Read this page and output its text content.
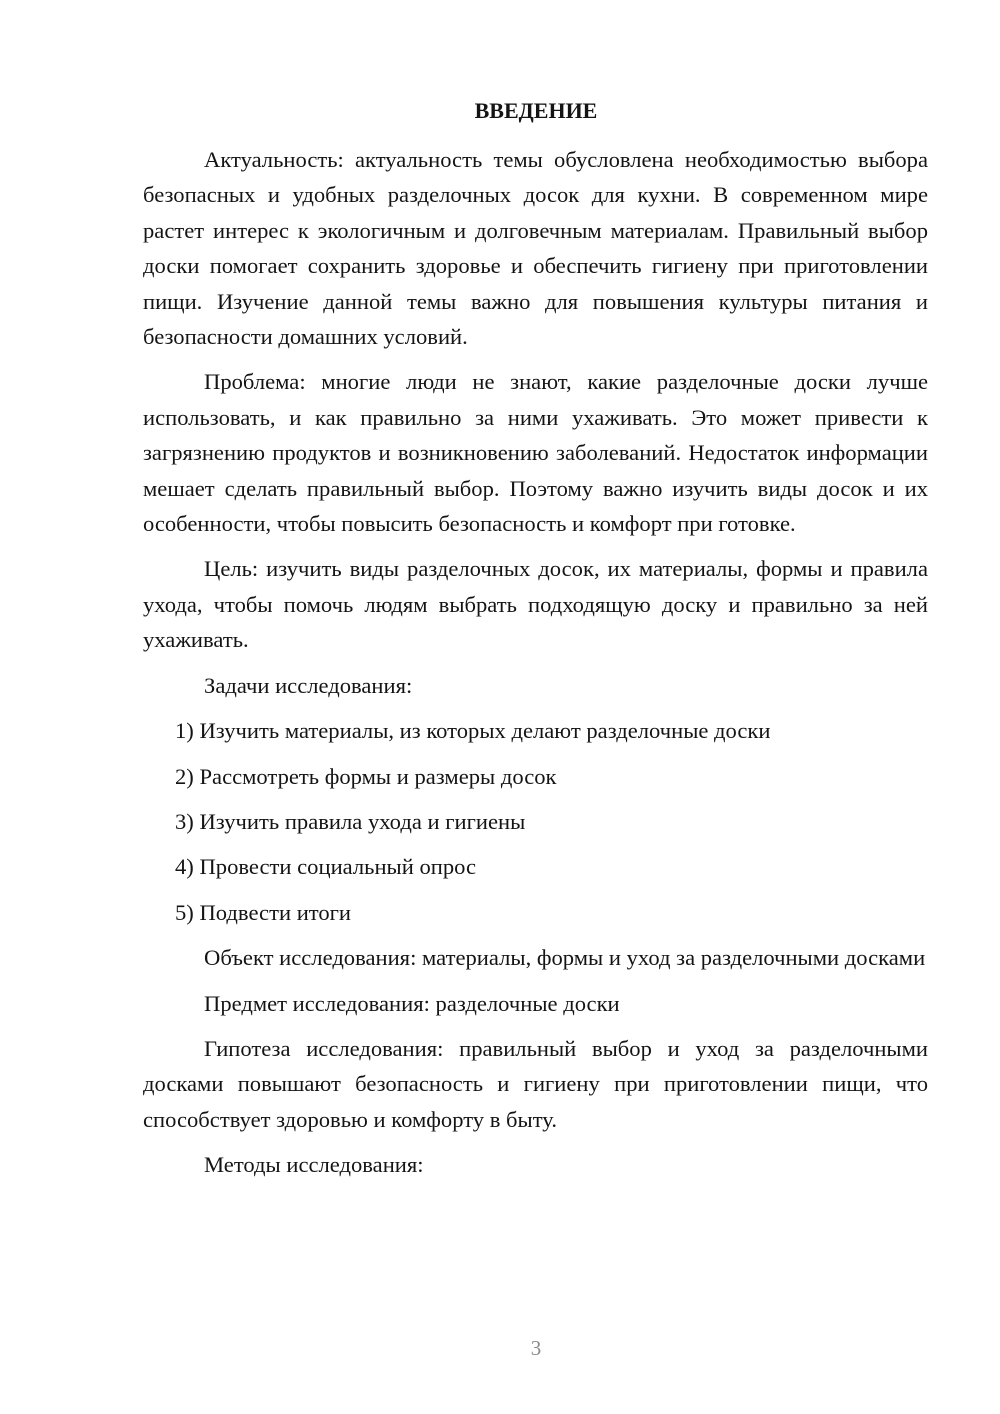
ВВЕДЕНИЕ

Актуальность: актуальность темы обусловлена необходимостью выбора безопасных и удобных разделочных досок для кухни. В современном мире растет интерес к экологичным и долговечным материалам. Правильный выбор доски помогает сохранить здоровье и обеспечить гигиену при приготовлении пищи. Изучение данной темы важно для повышения культуры питания и безопасности домашних условий.

Проблема: многие люди не знают, какие разделочные доски лучше использовать, и как правильно за ними ухаживать. Это может привести к загрязнению продуктов и возникновению заболеваний. Недостаток информации мешает сделать правильный выбор. Поэтому важно изучить виды досок и их особенности, чтобы повысить безопасность и комфорт при готовке.

Цель: изучить виды разделочных досок, их материалы, формы и правила ухода, чтобы помочь людям выбрать подходящую доску и правильно за ней ухаживать.

Задачи исследования:

1) Изучить материалы, из которых делают разделочные доски

2) Рассмотреть формы и размеры досок

3) Изучить правила ухода и гигиены

4) Провести социальный опрос

5) Подвести итоги

Объект исследования: материалы, формы и уход за разделочными досками

Предмет исследования: разделочные доски

Гипотеза исследования: правильный выбор и уход за разделочными досками повышают безопасность и гигиену при приготовлении пищи, что способствует здоровью и комфорту в быту.

Методы исследования:

3
